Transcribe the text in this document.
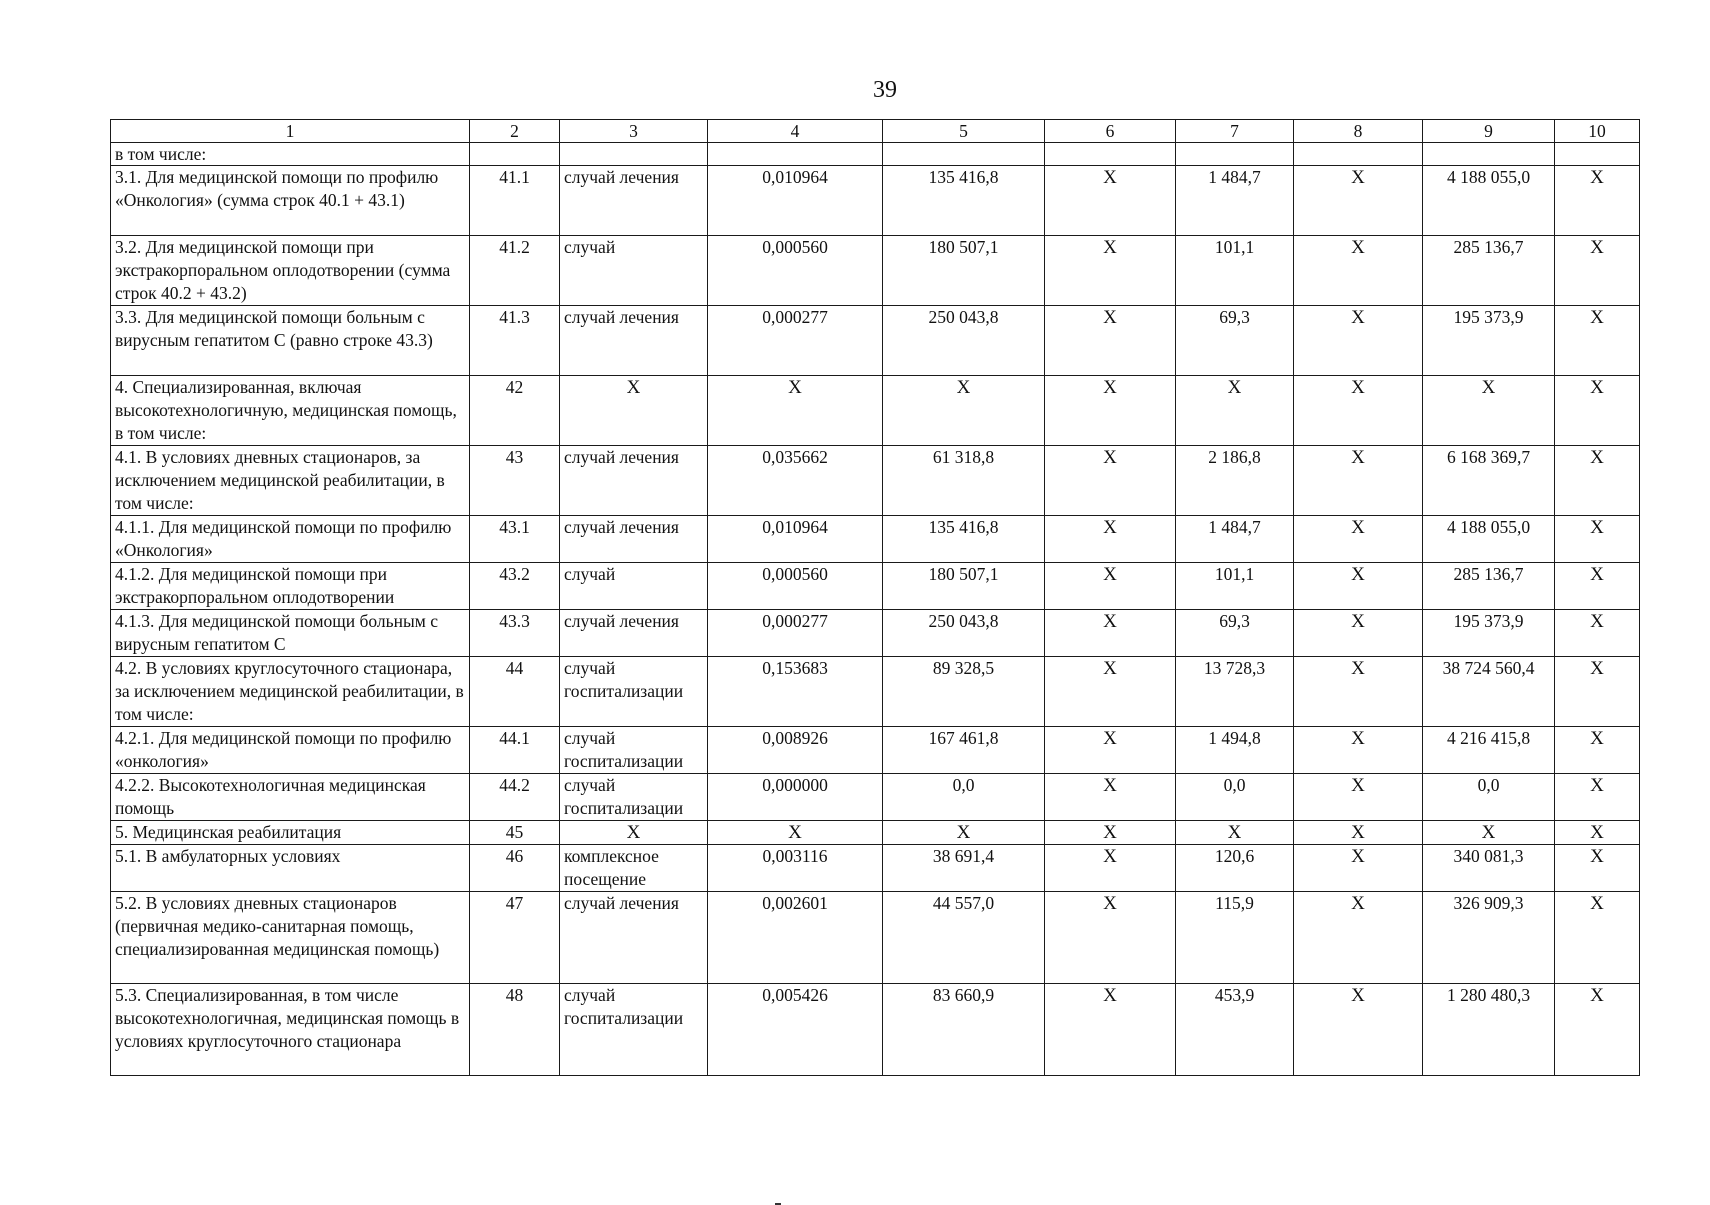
39
1	2	3	4	5	6	7	8	9	10
в том числе:									
3.1. Для медицинской помощи по профилю «Онкология» (сумма строк 40.1 + 43.1)	41.1	случай лечения	0,010964	135 416,8	X	1 484,7	X	4 188 055,0	X
3.2. Для медицинской помощи при экстракорпоральном оплодотворении (сумма строк 40.2 + 43.2)	41.2	случай	0,000560	180 507,1	X	101,1	X	285 136,7	X
3.3. Для медицинской помощи больным с вирусным гепатитом С (равно строке 43.3)	41.3	случай лечения	0,000277	250 043,8	X	69,3	X	195 373,9	X
4. Специализированная, включая высокотехнологичную, медицинская помощь, в том числе:	42	X	X	X	X	X	X	X	X
4.1. В условиях дневных стационаров, за исключением медицинской реабилитации, в том числе:	43	случай лечения	0,035662	61 318,8	X	2 186,8	X	6 168 369,7	X
4.1.1. Для медицинской помощи по профилю «Онкология»	43.1	случай лечения	0,010964	135 416,8	X	1 484,7	X	4 188 055,0	X
4.1.2. Для медицинской помощи при экстракорпоральном оплодотворении	43.2	случай	0,000560	180 507,1	X	101,1	X	285 136,7	X
4.1.3. Для медицинской помощи больным с вирусным гепатитом С	43.3	случай лечения	0,000277	250 043,8	X	69,3	X	195 373,9	X
4.2. В условиях круглосуточного стационара, за исключением медицинской реабилитации, в том числе:	44	случай госпитализации	0,153683	89 328,5	X	13 728,3	X	38 724 560,4	X
4.2.1. Для медицинской помощи по профилю «онкология»	44.1	случай госпитализации	0,008926	167 461,8	X	1 494,8	X	4 216 415,8	X
4.2.2. Высокотехнологичная медицинская помощь	44.2	случай госпитализации	0,000000	0,0	X	0,0	X	0,0	X
5. Медицинская реабилитация	45	X	X	X	X	X	X	X	X
5.1. В амбулаторных условиях	46	комплексное посещение	0,003116	38 691,4	X	120,6	X	340 081,3	X
5.2. В условиях дневных стационаров (первичная медико-санитарная помощь, специализированная медицинская помощь)	47	случай лечения	0,002601	44 557,0	X	115,9	X	326 909,3	X
5.3. Специализированная, в том числе высокотехнологичная, медицинская помощь в условиях круглосуточного стационара	48	случай госпитализации	0,005426	83 660,9	X	453,9	X	1 280 480,3	X
